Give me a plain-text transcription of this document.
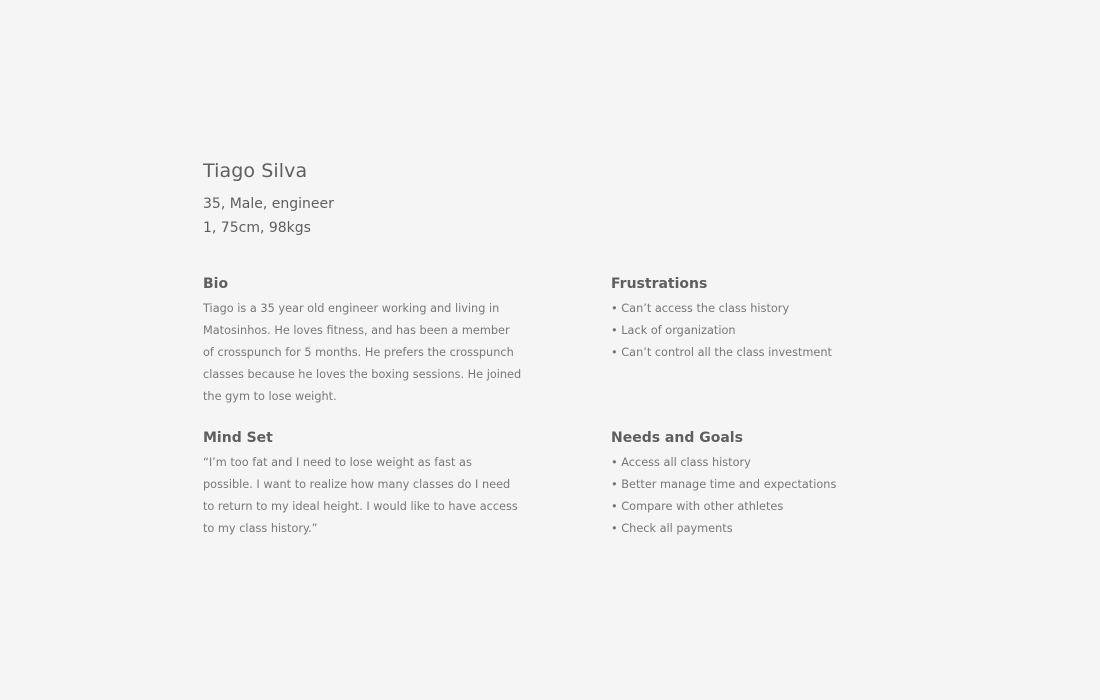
Tiago Silva
35, Male, engineer
1, 75cm, 98kgs
Bio

Tiago is a 35 year old engineer working and living in Matosinhos. He loves fitness, and has been a member of crosspunch for 5 months. He prefers the crosspunch classes because he loves the boxing sessions. He joined the gym to lose weight.

Frustrations
• Can’t access the class history
• Lack of organization
• Can’t control all the class investment
Mind Set

“I’m too fat and I need to lose weight as fast as possible. I want to realize how many classes do I need to return to my ideal height. I would like to have access to my class history.”

Needs and Goals
• Access all class history
• Better manage time and expectations
• Compare with other athletes
• Check all payments
